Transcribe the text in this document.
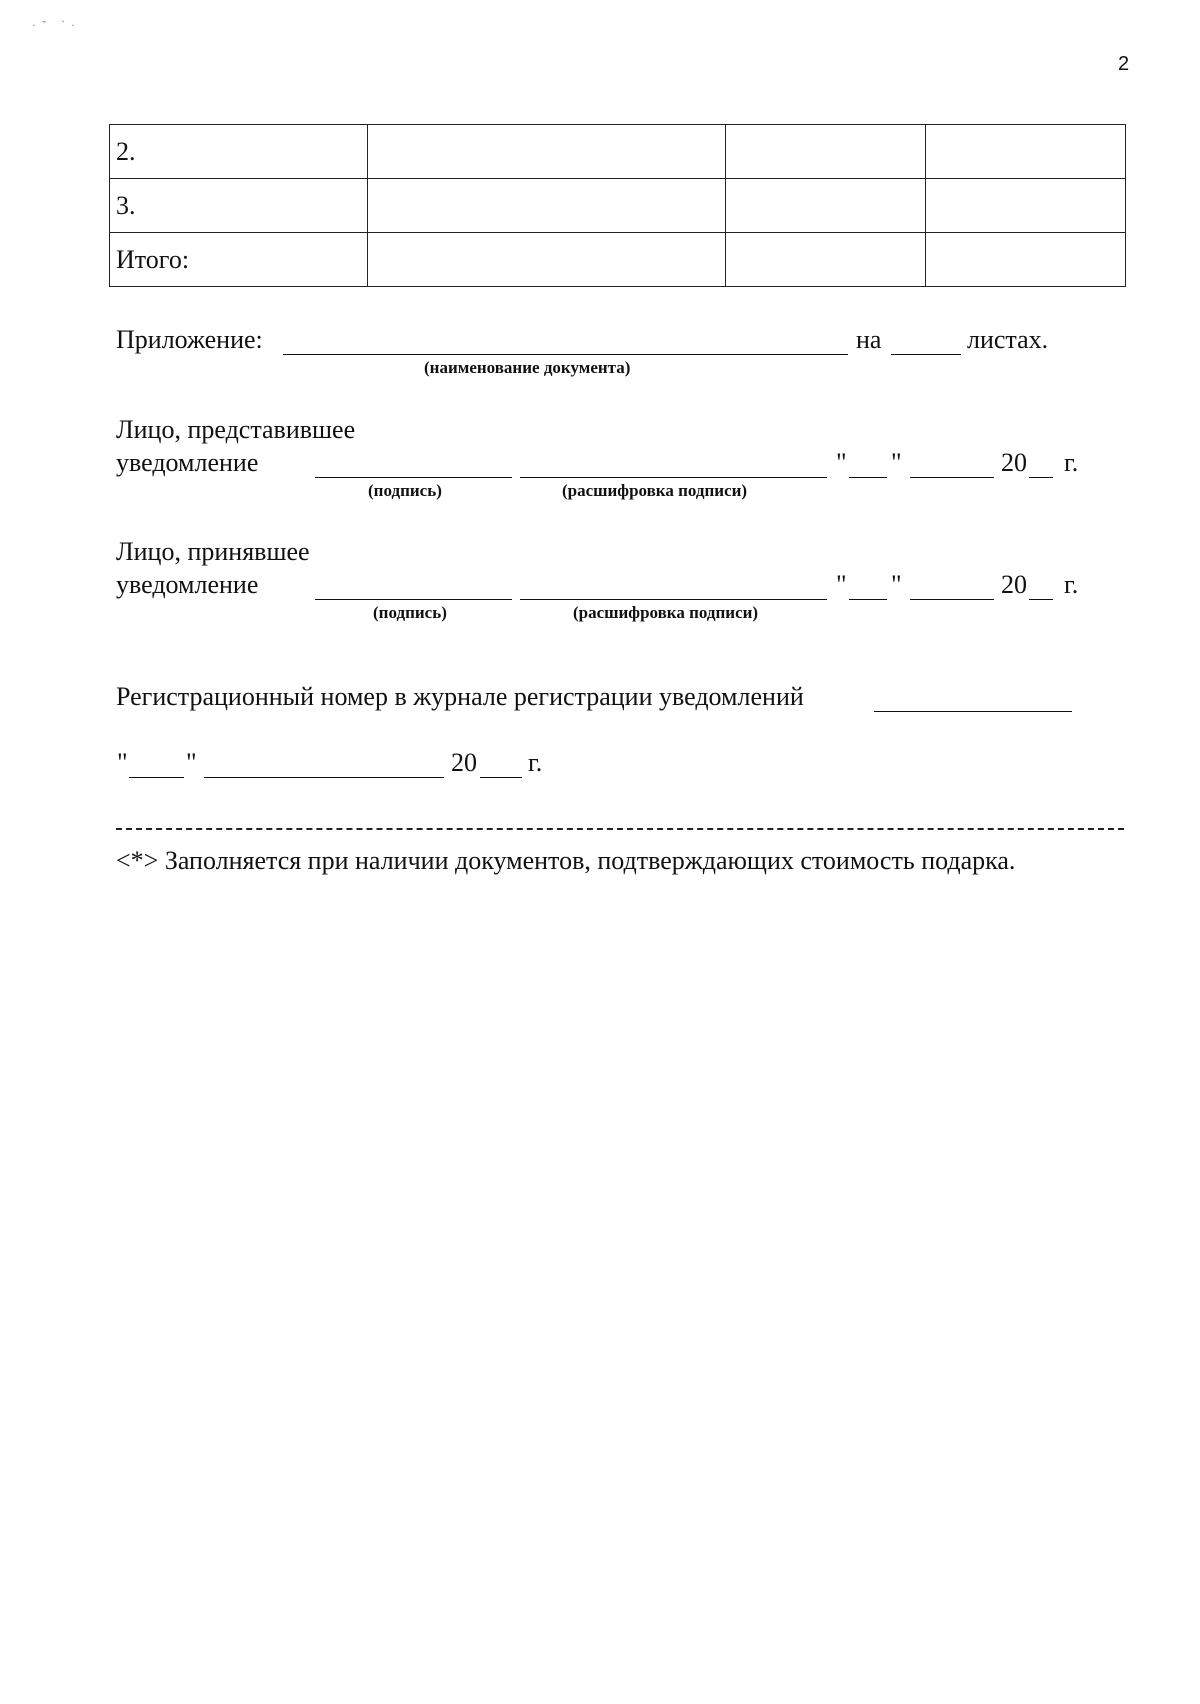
2
·˜ ˋ·
2.			
3.			
Итого:			
Приложение:	на	листах.
(наименование документа)
Лицо, представившее
уведомление	" "	20 г.
(подпись)	(расшифровка подписи)
Лицо, принявшее
уведомление	" "	20 г.
(подпись)	(расшифровка подписи)
Регистрационный номер в журнале регистрации уведомлений
" "	20 г.
<*> Заполняется при наличии документов, подтверждающих стоимость подарка.
